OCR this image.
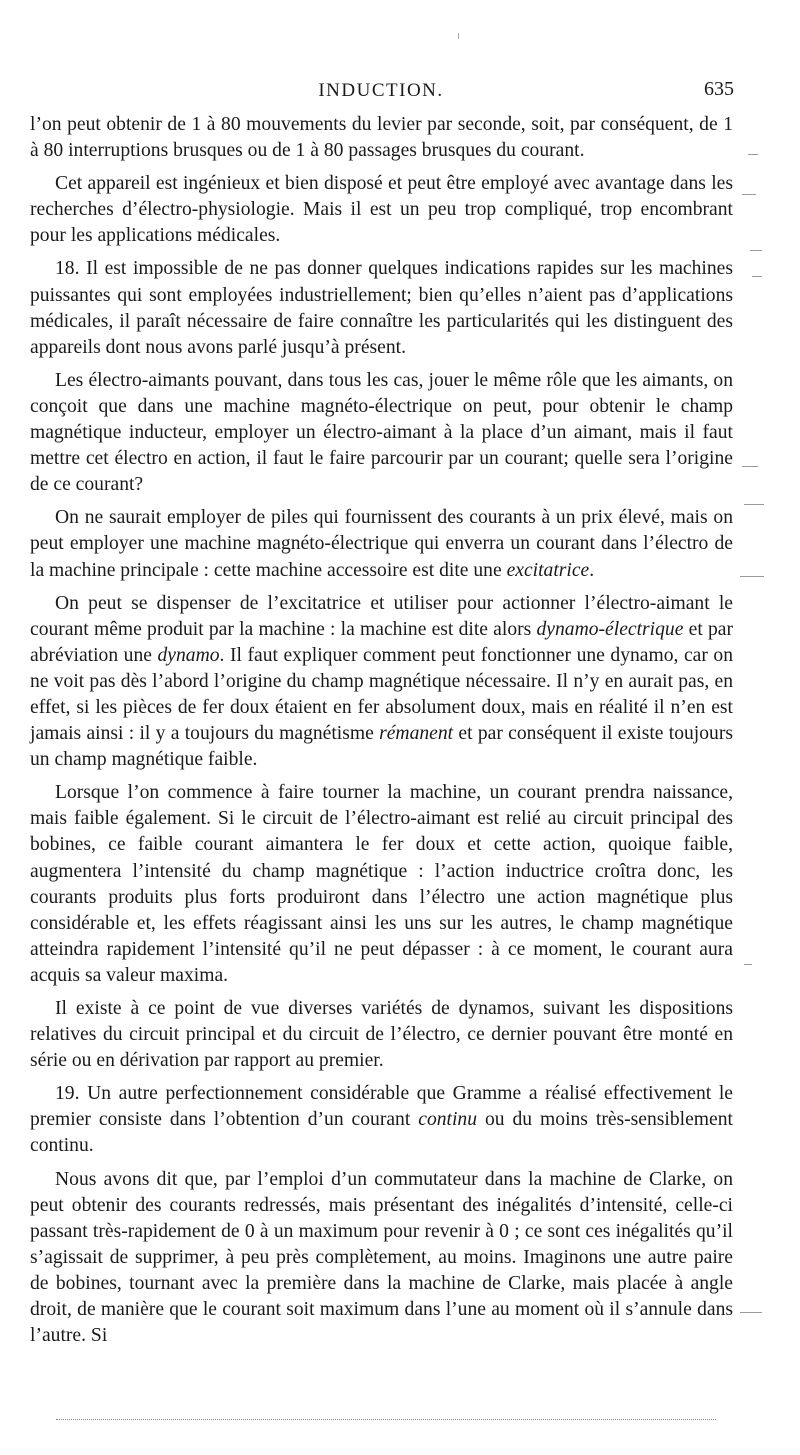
INDUCTION.	635

l’on peut obtenir de 1 à 80 mouvements du levier par seconde, soit, par conséquent, de 1 à 80 interruptions brusques ou de 1 à 80 passages brusques du courant.

Cet appareil est ingénieux et bien disposé et peut être employé avec avantage dans les recherches d’électro-physiologie. Mais il est un peu trop compliqué, trop encombrant pour les applications médicales.

18. Il est impossible de ne pas donner quelques indications rapides sur les machines puissantes qui sont employées industriellement; bien qu’elles n’aient pas d’applications médicales, il paraît nécessaire de faire connaître les particularités qui les distinguent des appareils dont nous avons parlé jusqu’à présent.

Les électro-aimants pouvant, dans tous les cas, jouer le même rôle que les aimants, on conçoit que dans une machine magnéto-électrique on peut, pour obtenir le champ magnétique inducteur, employer un électro-aimant à la place d’un aimant, mais il faut mettre cet électro en action, il faut le faire parcourir par un courant; quelle sera l’origine de ce courant?

On ne saurait employer de piles qui fournissent des courants à un prix élevé, mais on peut employer une machine magnéto-électrique qui enverra un courant dans l’électro de la machine principale : cette machine accessoire est dite une excitatrice.

On peut se dispenser de l’excitatrice et utiliser pour actionner l’électro-aimant le courant même produit par la machine : la machine est dite alors dynamo-électrique et par abréviation une dynamo. Il faut expliquer comment peut fonctionner une dynamo, car on ne voit pas dès l’abord l’origine du champ magnétique nécessaire. Il n’y en aurait pas, en effet, si les pièces de fer doux étaient en fer absolument doux, mais en réalité il n’en est jamais ainsi : il y a toujours du magnétisme rémanent et par conséquent il existe toujours un champ magnétique faible.

Lorsque l’on commence à faire tourner la machine, un courant prendra naissance, mais faible également. Si le circuit de l’électro-aimant est relié au circuit principal des bobines, ce faible courant aimantera le fer doux et cette action, quoique faible, augmentera l’intensité du champ magnétique : l’action inductrice croîtra donc, les courants produits plus forts produiront dans l’électro une action magnétique plus considérable et, les effets réagissant ainsi les uns sur les autres, le champ magnétique atteindra rapidement l’intensité qu’il ne peut dépasser : à ce moment, le courant aura acquis sa valeur maxima.

Il existe à ce point de vue diverses variétés de dynamos, suivant les dispositions relatives du circuit principal et du circuit de l’électro, ce dernier pouvant être monté en série ou en dérivation par rapport au premier.

19. Un autre perfectionnement considérable que Gramme a réalisé effectivement le premier consiste dans l’obtention d’un courant continu ou du moins très-sensiblement continu.

Nous avons dit que, par l’emploi d’un commutateur dans la machine de Clarke, on peut obtenir des courants redressés, mais présentant des inégalités d’intensité, celle-ci passant très-rapidement de 0 à un maximum pour revenir à 0 ; ce sont ces inégalités qu’il s’agissait de supprimer, à peu près complètement, au moins. Imaginons une autre paire de bobines, tournant avec la première dans la machine de Clarke, mais placée à angle droit, de manière que le courant soit maximum dans l’une au moment où il s’annule dans l’autre. Si
